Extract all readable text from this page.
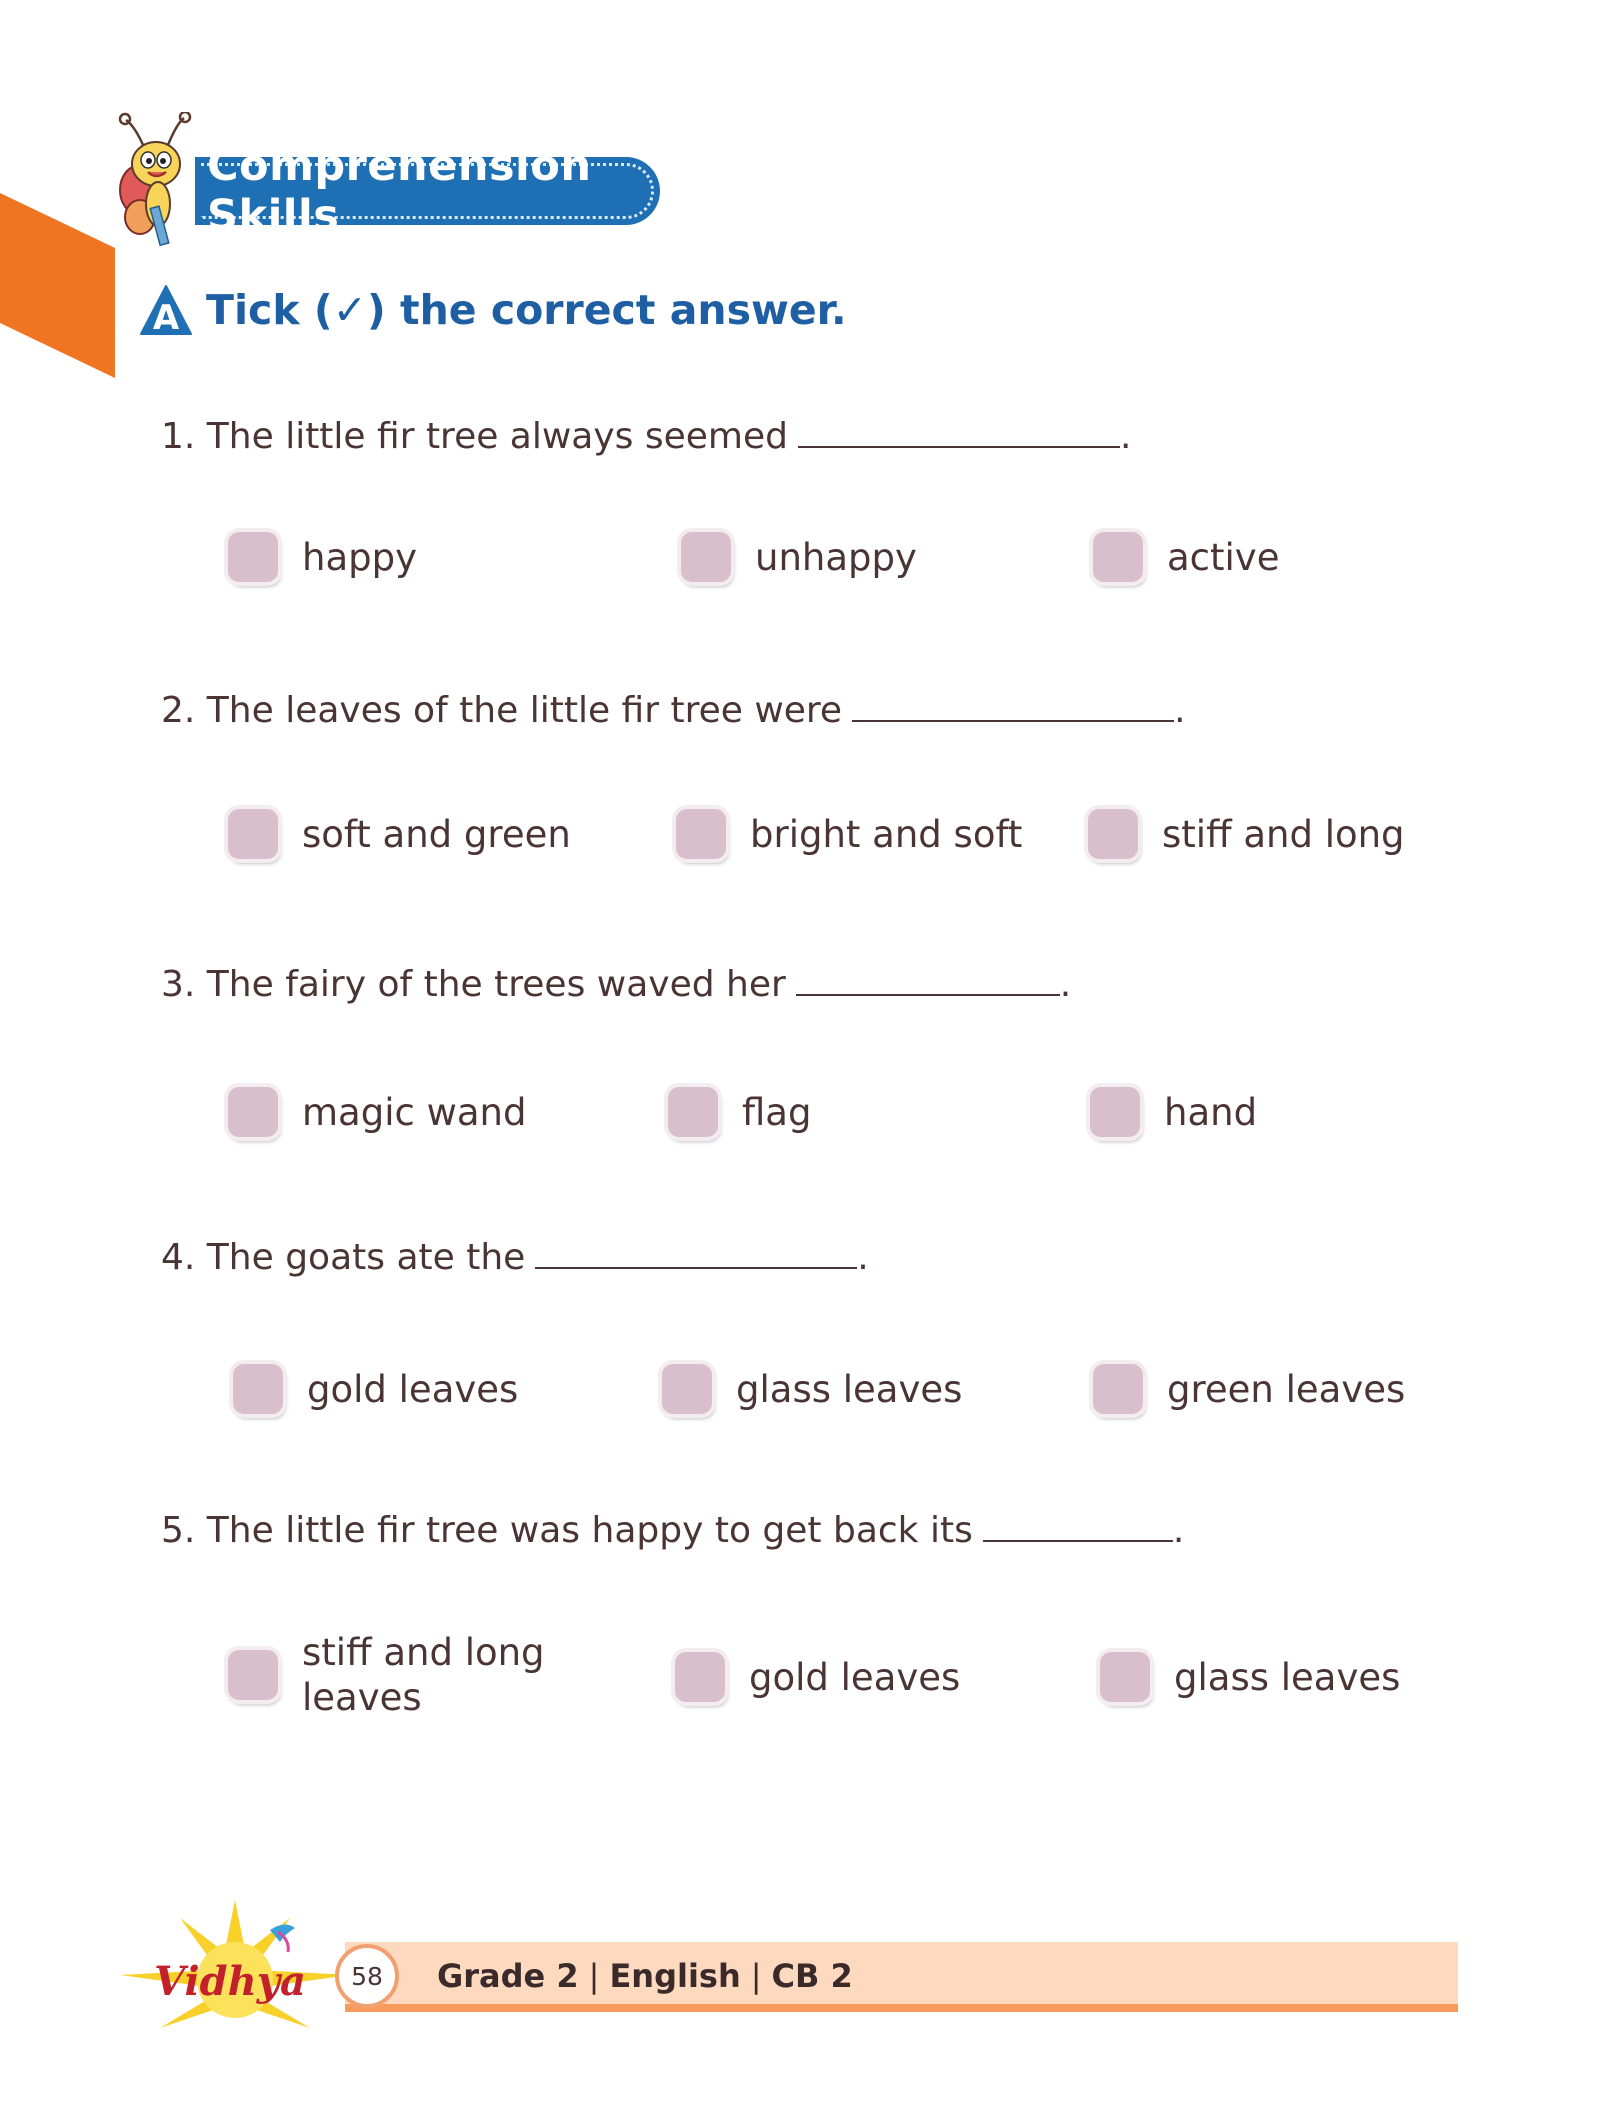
Comprehension Skills
A Tick (✓) the correct answer.
1. The little fir tree always seemed	.
happy	unhappy	active
2. The leaves of the little fir tree were	.
soft and green	bright and soft	stiff and long
3. The fairy of the trees waved her	.
magic wand	flag	hand
4. The goats ate the	.
gold leaves	glass leaves	green leaves
5. The little fir tree was happy to get back its	.
stiff and long leaves	gold leaves	glass leaves
Vidhya 58 Grade 2 | English | CB 2
